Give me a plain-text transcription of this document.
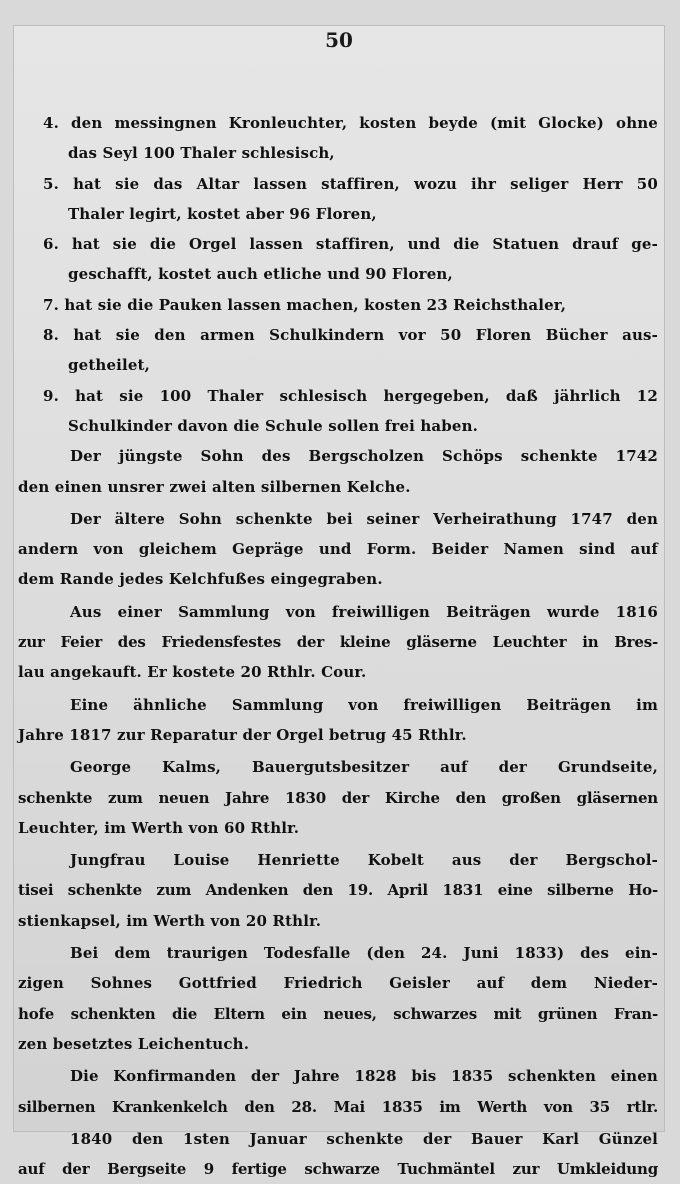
50
4. den messingnen Kronleuchter, kosten beyde (mit Glocke) ohne
das Seyl 100 Thaler schlesisch,
5. hat sie das Altar lassen staffiren, wozu ihr seliger Herr 50
Thaler legirt, kostet aber 96 Floren,
6. hat sie die Orgel lassen staffiren, und die Statuen drauf ge-
geschafft, kostet auch etliche und 90 Floren,
7. hat sie die Pauken lassen machen, kosten 23 Reichsthaler,
8. hat sie den armen Schulkindern vor 50 Floren Bücher aus-
getheilet,
9. hat sie 100 Thaler schlesisch hergegeben, daß jährlich 12
Schulkinder davon die Schule sollen frei haben.
Der jüngste Sohn des Bergscholzen Schöps schenkte 1742
den einen unsrer zwei alten silbernen Kelche.
Der ältere Sohn schenkte bei seiner Verheirathung 1747 den
andern von gleichem Gepräge und Form. Beider Namen sind auf
dem Rande jedes Kelchfußes eingegraben.
Aus einer Sammlung von freiwilligen Beiträgen wurde 1816
zur Feier des Friedensfestes der kleine gläserne Leuchter in Bres-
lau angekauft. Er kostete 20 Rthlr. Cour.
Eine ähnliche Sammlung von freiwilligen Beiträgen im
Jahre 1817 zur Reparatur der Orgel betrug 45 Rthlr.
George Kalms, Bauergutsbesitzer auf der Grundseite,
schenkte zum neuen Jahre 1830 der Kirche den großen gläsernen
Leuchter, im Werth von 60 Rthlr.
Jungfrau Louise Henriette Kobelt aus der Bergschol-
tisei schenkte zum Andenken den 19. April 1831 eine silberne Ho-
stienkapsel, im Werth von 20 Rthlr.
Bei dem traurigen Todesfalle (den 24. Juni 1833) des ein-
zigen Sohnes Gottfried Friedrich Geisler auf dem Nieder-
hofe schenkten die Eltern ein neues, schwarzes mit grünen Fran-
zen besetztes Leichentuch.
Die Konfirmanden der Jahre 1828 bis 1835 schenkten einen
silbernen Krankenkelch den 28. Mai 1835 im Werth von 35 rtlr.
1840 den 1sten Januar schenkte der Bauer Karl Günzel
auf der Bergseite 9 fertige schwarze Tuchmäntel zur Umkleidung
